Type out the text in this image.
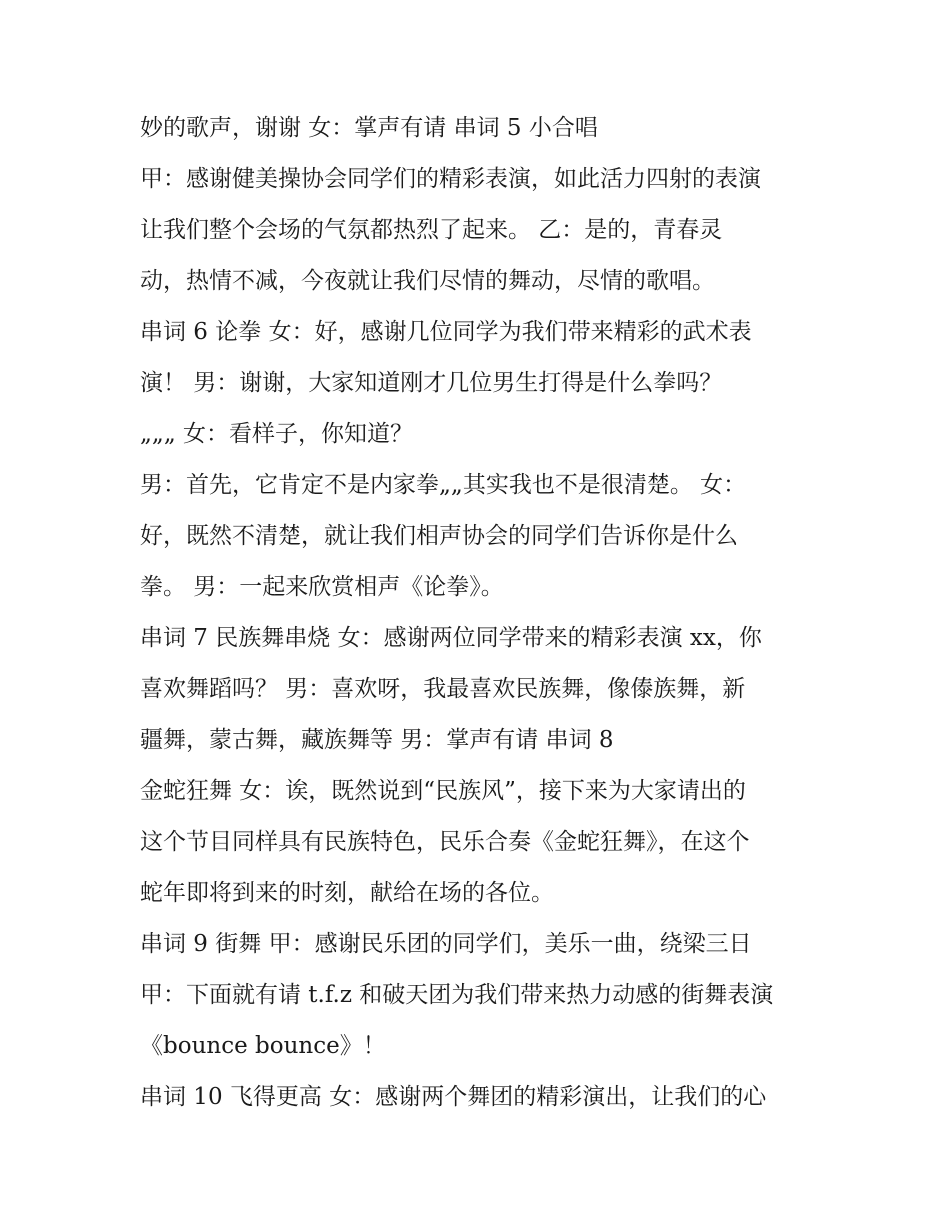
妙的歌声，谢谢 女：掌声有请 串词 5 小合唱
甲：感谢健美操协会同学们的精彩表演，如此活力四射的表演
让我们整个会场的气氛都热烈了起来。 乙：是的，青春灵
动，热情不减，今夜就让我们尽情的舞动，尽情的歌唱。
串词 6 论拳 女：好，感谢几位同学为我们带来精彩的武术表
演！ 男：谢谢，大家知道刚才几位男生打得是什么拳吗？
„„„ 女：看样子，你知道？
男：首先，它肯定不是内家拳„„其实我也不是很清楚。 女：
好，既然不清楚，就让我们相声协会的同学们告诉你是什么
拳。 男：一起来欣赏相声《论拳》。
串词 7 民族舞串烧 女：感谢两位同学带来的精彩表演 xx，你
喜欢舞蹈吗？ 男：喜欢呀，我最喜欢民族舞，像傣族舞，新
疆舞，蒙古舞，藏族舞等 男：掌声有请 串词 8
金蛇狂舞 女：诶，既然说到“民族风”，接下来为大家请出的
这个节目同样具有民族特色，民乐合奏《金蛇狂舞》，在这个
蛇年即将到来的时刻，献给在场的各位。
串词 9 街舞 甲：感谢民乐团的同学们，美乐一曲，绕梁三日
甲：下面就有请 t.f.z 和破天团为我们带来热力动感的街舞表演
《bounce bounce》！
串词 10 飞得更高 女：感谢两个舞团的精彩演出，让我们的心
